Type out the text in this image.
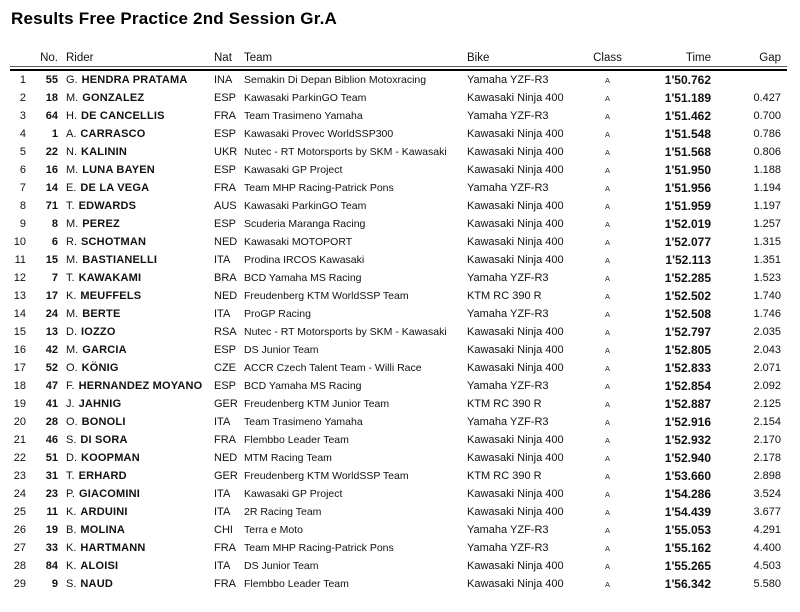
Results Free Practice 2nd Session Gr.A
	No.	Rider	Nat	Team	Bike	Class	Time	Gap

1	55	G. HENDRA PRATAMA	INA	Semakin Di Depan Biblion Motoxracing	Yamaha YZF-R3	A	1'50.762	
2	18	M. GONZALEZ	ESP	Kawasaki ParkinGO Team	Kawasaki Ninja 400	A	1'51.189	0.427
3	64	H. DE CANCELLIS	FRA	Team Trasimeno Yamaha	Yamaha YZF-R3	A	1'51.462	0.700
4	1	A. CARRASCO	ESP	Kawasaki Provec WorldSSP300	Kawasaki Ninja 400	A	1'51.548	0.786
5	22	N. KALININ	UKR	Nutec - RT Motorsports by SKM - Kawasaki	Kawasaki Ninja 400	A	1'51.568	0.806
6	16	M. LUNA BAYEN	ESP	Kawasaki GP Project	Kawasaki Ninja 400	A	1'51.950	1.188
7	14	E. DE LA VEGA	FRA	Team MHP Racing-Patrick Pons	Yamaha YZF-R3	A	1'51.956	1.194
8	71	T. EDWARDS	AUS	Kawasaki ParkinGO Team	Kawasaki Ninja 400	A	1'51.959	1.197
9	8	M. PEREZ	ESP	Scuderia Maranga Racing	Kawasaki Ninja 400	A	1'52.019	1.257
10	6	R. SCHOTMAN	NED	Kawasaki MOTOPORT	Kawasaki Ninja 400	A	1'52.077	1.315
11	15	M. BASTIANELLI	ITA	Prodina IRCOS Kawasaki	Kawasaki Ninja 400	A	1'52.113	1.351
12	7	T. KAWAKAMI	BRA	BCD Yamaha MS Racing	Yamaha YZF-R3	A	1'52.285	1.523
13	17	K. MEUFFELS	NED	Freudenberg KTM WorldSSP Team	KTM RC 390 R	A	1'52.502	1.740
14	24	M. BERTE	ITA	ProGP Racing	Yamaha YZF-R3	A	1'52.508	1.746
15	13	D. IOZZO	RSA	Nutec - RT Motorsports by SKM - Kawasaki	Kawasaki Ninja 400	A	1'52.797	2.035
16	42	M. GARCIA	ESP	DS Junior Team	Kawasaki Ninja 400	A	1'52.805	2.043
17	52	O. KÖNIG	CZE	ACCR Czech Talent Team - Willi Race	Kawasaki Ninja 400	A	1'52.833	2.071
18	47	F. HERNANDEZ MOYANO	ESP	BCD Yamaha MS Racing	Yamaha YZF-R3	A	1'52.854	2.092
19	41	J. JAHNIG	GER	Freudenberg KTM Junior Team	KTM RC 390 R	A	1'52.887	2.125
20	28	O. BONOLI	ITA	Team Trasimeno Yamaha	Yamaha YZF-R3	A	1'52.916	2.154
21	46	S. DI SORA	FRA	Flembbo Leader Team	Kawasaki Ninja 400	A	1'52.932	2.170
22	51	D. KOOPMAN	NED	MTM Racing Team	Kawasaki Ninja 400	A	1'52.940	2.178
23	31	T. ERHARD	GER	Freudenberg KTM WorldSSP Team	KTM RC 390 R	A	1'53.660	2.898
24	23	P. GIACOMINI	ITA	Kawasaki GP Project	Kawasaki Ninja 400	A	1'54.286	3.524
25	11	K. ARDUINI	ITA	2R Racing Team	Kawasaki Ninja 400	A	1'54.439	3.677
26	19	B. MOLINA	CHI	Terra e Moto	Yamaha YZF-R3	A	1'55.053	4.291
27	33	K. HARTMANN	FRA	Team MHP Racing-Patrick Pons	Yamaha YZF-R3	A	1'55.162	4.400
28	84	K. ALOISI	ITA	DS Junior Team	Kawasaki Ninja 400	A	1'55.265	4.503
29	9	S. NAUD	FRA	Flembbo Leader Team	Kawasaki Ninja 400	A	1'56.342	5.580
